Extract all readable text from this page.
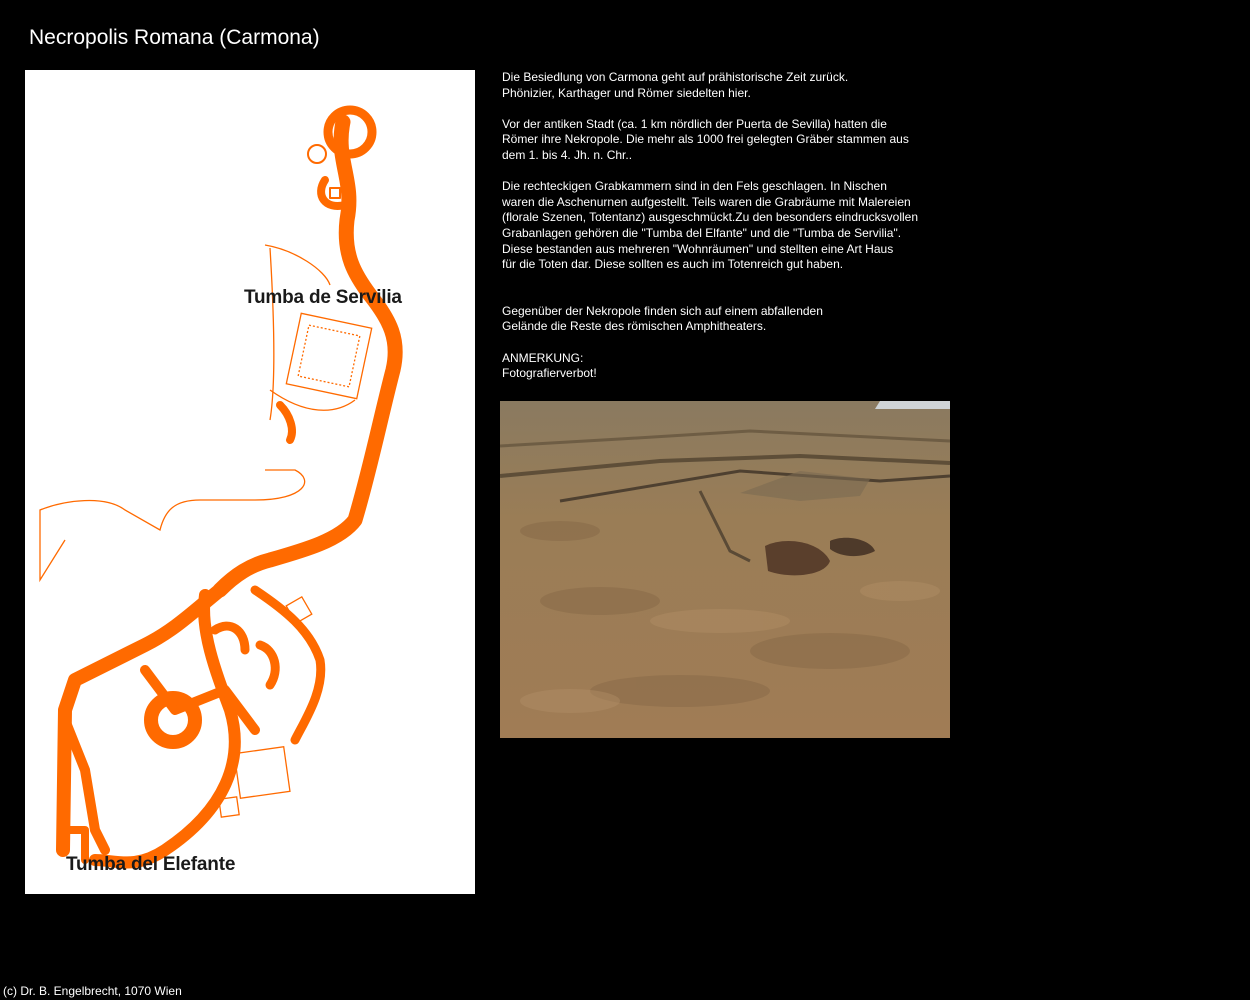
Necropolis Romana (Carmona)
Tumba de Servilia
Tumba del Elefante

Die Besiedlung von Carmona geht auf prähistorische Zeit zurück.
Phönizier, Karthager und Römer siedelten hier.

Vor der antiken Stadt (ca. 1 km nördlich der Puerta de Sevilla) hatten die
Römer ihre Nekropole. Die mehr als 1000 frei gelegten Gräber stammen aus
dem 1. bis 4. Jh. n. Chr..

Die rechteckigen Grabkammern sind in den Fels geschlagen. In Nischen
waren die Aschenurnen aufgestellt. Teils waren die Grabräume mit Malereien
(florale Szenen, Totentanz) ausgeschmückt.Zu den besonders eindrucksvollen
Grabanlagen gehören die "Tumba del Elfante" und die "Tumba de Servilia".
Diese bestanden aus mehreren "Wohnräumen" und stellten eine Art Haus
für die Toten dar. Diese sollten es auch im Totenreich gut haben.

Gegenüber der Nekropole finden sich auf einem abfallenden
Gelände die Reste des römischen Amphitheaters.

ANMERKUNG:
Fotografierverbot!

(c) Dr. B. Engelbrecht, 1070 Wien
